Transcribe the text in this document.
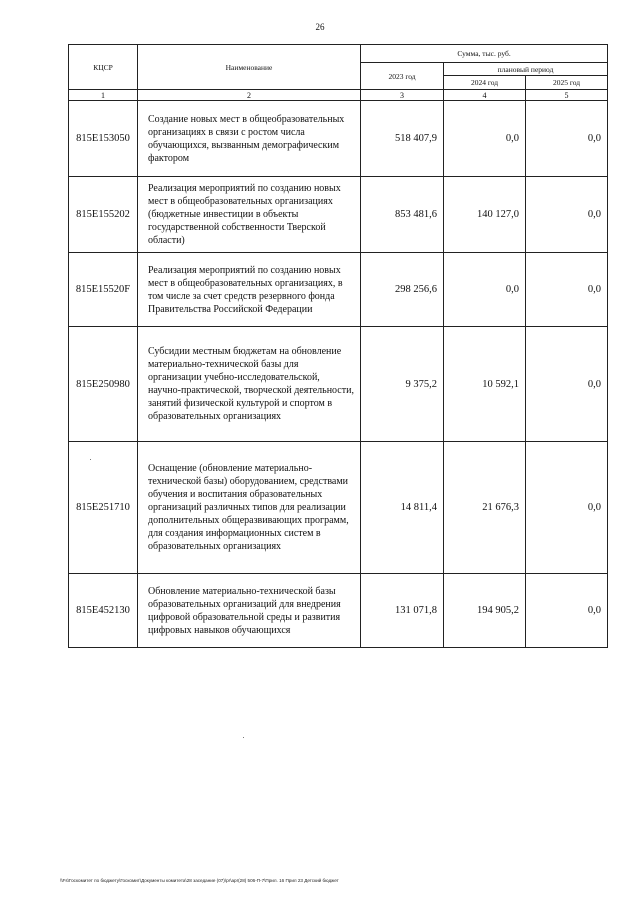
26
КЦСР	Наименование	Сумма, тыс. руб.		
		2023 год	плановый период	
			2024 год	2025 год
1	2	3	4	5
815E153050	Создание новых мест в общеобразовательных организациях в связи с ростом числа обучающихся, вызванным демографическим фактором	518 407,9	0,0	0,0
815E155202	Реализация мероприятий по созданию новых мест в общеобразовательных организациях (бюджетные инвестиции в объекты государственной собственности Тверской области)	853 481,6	140 127,0	0,0
815E15520F	Реализация мероприятий по созданию новых мест в общеобразовательных организациях, в том числе за счет средств резервного фонда Правительства Российской Федерации	298 256,6	0,0	0,0
815E250980	Субсидии местным бюджетам на обновление материально-технической базы для организации учебно-исследовательской, научно-практической, творческой деятельности, занятий физической культурой и спортом в образовательных организациях	9 375,2	10 592,1	0,0
815E251710	Оснащение (обновление материально-технической базы) оборудованием, средствами обучения и воспитания образовательных организаций различных типов для реализации дополнительных общеразвивающих программ, для создания информационных систем в образовательных организациях	14 811,4	21 676,3	0,0
815E452130	Обновление материально-технической базы образовательных организаций для внедрения цифровой образовательной среды и развития цифровых навыков обучающихся	131 071,8	194 905,2	0,0
\\Fs\Госкомитет по бюджету\Госкомит\Документы комитета\28 заседание (07)\pr\apr(28) 506-П-7\Прил. 16 Прил 23 Детский бюджет
